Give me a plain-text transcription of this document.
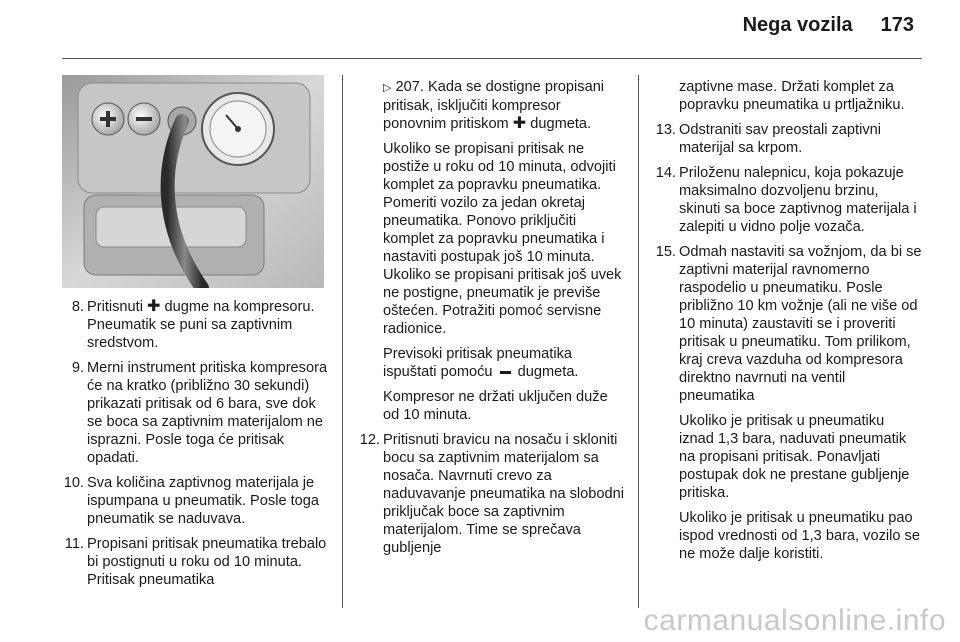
Nega vozila 173
8. Pritisnuti ✚ dugme na kompresoru. Pneumatik se puni sa zaptivnim sredstvom.
9. Merni instrument pritiska kompresora će na kratko (približno 30 sekundi) prikazati pritisak od 6 bara, sve dok se boca sa zaptivnim materijalom ne isprazni. Posle toga će pritisak opadati.
10. Sva količina zaptivnog materijala je ispumpana u pneumatik. Posle toga pneumatik se naduvava.
11. Propisani pritisak pneumatika trebalo bi postignuti u roku od 10 minuta. Pritisak pneumatika

▷ 207. Kada se dostigne propisani pritisak, isključiti kompresor ponovnim pritiskom ✚ dugmeta.

Ukoliko se propisani pritisak ne postiže u roku od 10 minuta, odvojiti komplet za popravku pneumatika. Pomeriti vozilo za jedan okretaj pneumatika. Ponovo priključiti komplet za popravku pneumatika i nastaviti postupak još 10 minuta. Ukoliko se propisani pritisak još uvek ne postigne, pneumatik je previše oštećen. Potražiti pomoć servisne radionice.

Previsoki pritisak pneumatika ispuštati pomoću dugmeta.

Kompresor ne držati uključen duže od 10 minuta.

12. Pritisnuti bravicu na nosaču i skloniti bocu sa zaptivnim materijalom sa nosača. Navrnuti crevo za naduvavanje pneumatika na slobodni priključak boce sa zaptivnim materijalom. Time se sprečava gubljenje

zaptivne mase. Držati komplet za popravku pneumatika u prtljažniku.

13. Odstraniti sav preostali zaptivni materijal sa krpom.

14. Priloženu nalepnicu, koja pokazuje maksimalno dozvoljenu brzinu, skinuti sa boce zaptivnog materijala i zalepiti u vidno polje vozača.

15. Odmah nastaviti sa vožnjom, da bi se zaptivni materijal ravnomerno raspodelio u pneumatiku. Posle približno 10 km vožnje (ali ne više od 10 minuta) zaustaviti se i proveriti pritisak u pneumatiku. Tom prilikom, kraj creva vazduha od kompresora direktno navrnuti na ventil pneumatika

Ukoliko je pritisak u pneumatiku iznad 1,3 bara, naduvati pneumatik na propisani pritisak. Ponavljati postupak dok ne prestane gubljenje pritiska.

Ukoliko je pritisak u pneumatiku pao ispod vrednosti od 1,3 bara, vozilo se ne može dalje koristiti.

carmanualsonline.info
